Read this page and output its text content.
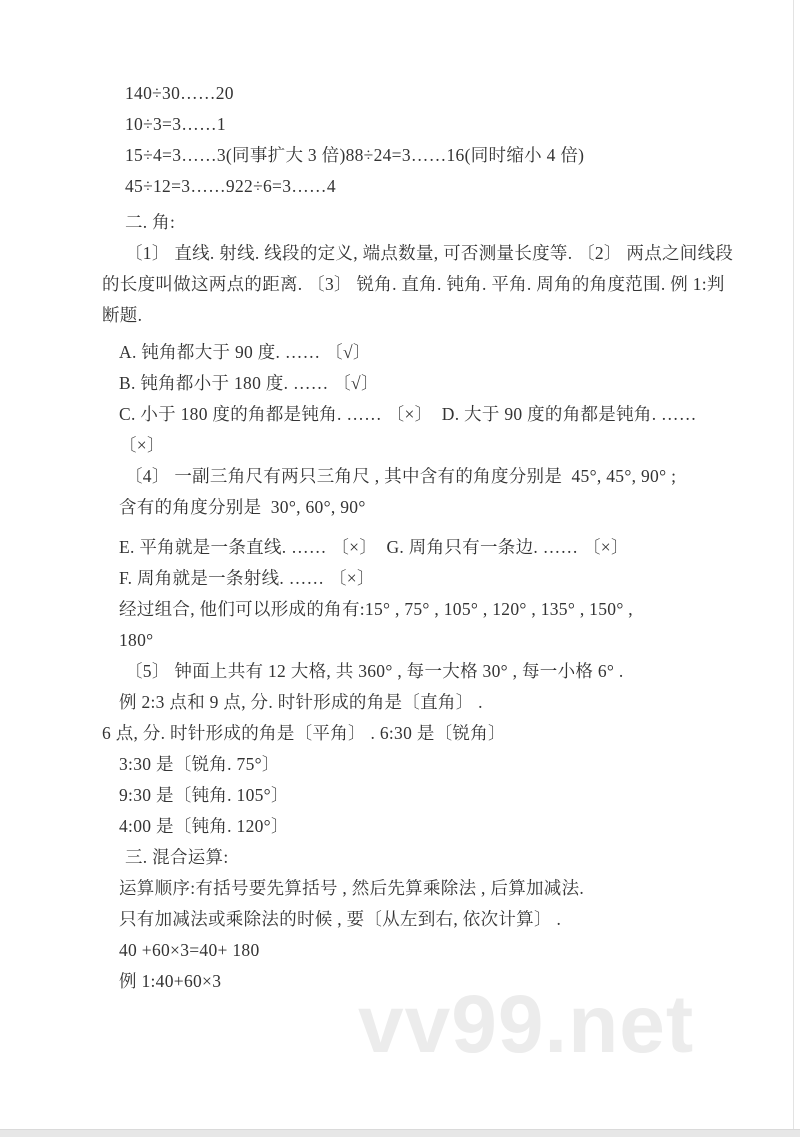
140÷30……20

10÷3=3……1

15÷4=3……3(同事扩大 3 倍)88÷24=3……16(同时缩小 4 倍)

45÷12=3……922÷6=3……4

二. 角:

〔1〕 直线. 射线. 线段的定义, 端点数量, 可否测量长度等. 〔2〕 两点之间线段

的长度叫做这两点的距离. 〔3〕 锐角. 直角. 钝角. 平角. 周角的角度范围. 例 1:判

断题.

A. 钝角都大于 90 度. …… 〔√〕

B. 钝角都小于 180 度. …… 〔√〕

C. 小于 180 度的角都是钝角. …… 〔×〕  D. 大于 90 度的角都是钝角. ……

〔×〕

〔4〕 一副三角尺有两只三角尺 , 其中含有的角度分别是  45°, 45°, 90° ;

含有的角度分别是  30°, 60°, 90°

E. 平角就是一条直线. …… 〔×〕  G. 周角只有一条边. …… 〔×〕

F. 周角就是一条射线. …… 〔×〕

经过组合, 他们可以形成的角有:15° , 75° , 105° , 120° , 135° , 150° ,

180°

〔5〕 钟面上共有 12 大格, 共 360° , 每一大格 30° , 每一小格 6° .

例 2:3 点和 9 点, 分. 时针形成的角是〔直角〕 .

6 点, 分. 时针形成的角是〔平角〕 . 6:30 是〔锐角〕

3:30 是〔锐角. 75°〕

9:30 是〔钝角. 105°〕

4:00 是〔钝角. 120°〕

三. 混合运算:

运算顺序:有括号要先算括号 , 然后先算乘除法 , 后算加减法.

只有加减法或乘除法的时候 , 要〔从左到右, 依次计算〕 .

40 +60×3=40+ 180

例 1:40+60×3	vv99.net
